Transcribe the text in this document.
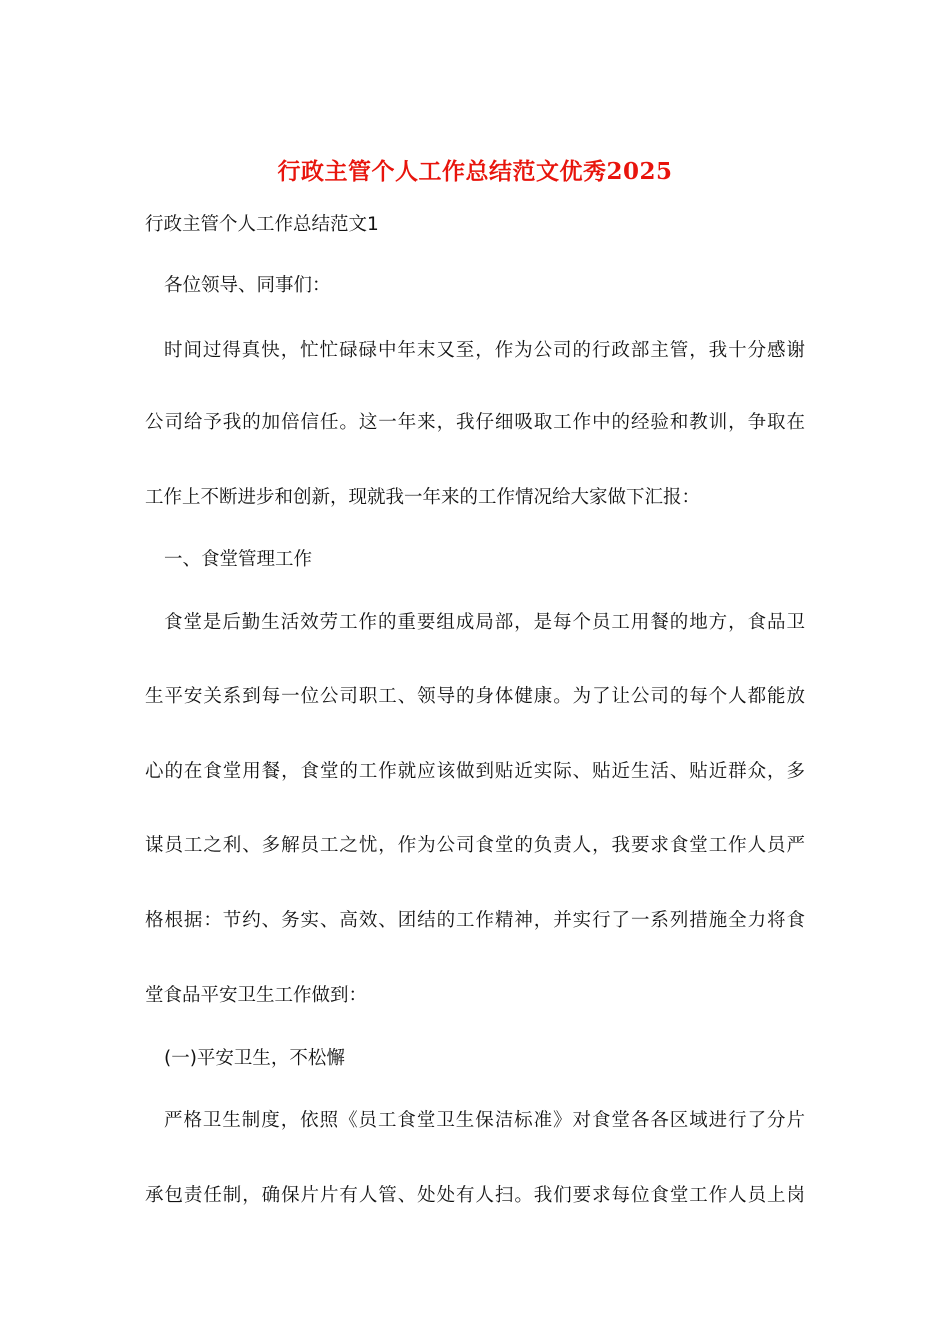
行政主管个人工作总结范文优秀2025
行政主管个人工作总结范文1
各位领导、同事们：
时间过得真快，忙忙碌碌中年末又至，作为公司的行政部主管，我十分感谢
公司给予我的加倍信任。这一年来，我仔细吸取工作中的经验和教训，争取在
工作上不断进步和创新，现就我一年来的工作情况给大家做下汇报：
一、食堂管理工作
食堂是后勤生活效劳工作的重要组成局部，是每个员工用餐的地方，食品卫
生平安关系到每一位公司职工、领导的身体健康。为了让公司的每个人都能放
心的在食堂用餐，食堂的工作就应该做到贴近实际、贴近生活、贴近群众，多
谋员工之利、多解员工之忧，作为公司食堂的负责人，我要求食堂工作人员严
格根据：节约、务实、高效、团结的工作精神，并实行了一系列措施全力将食
堂食品平安卫生工作做到：
(一)平安卫生，不松懈
严格卫生制度，依照《员工食堂卫生保洁标准》对食堂各各区域进行了分片
承包责任制，确保片片有人管、处处有人扫。我们要求每位食堂工作人员上岗
